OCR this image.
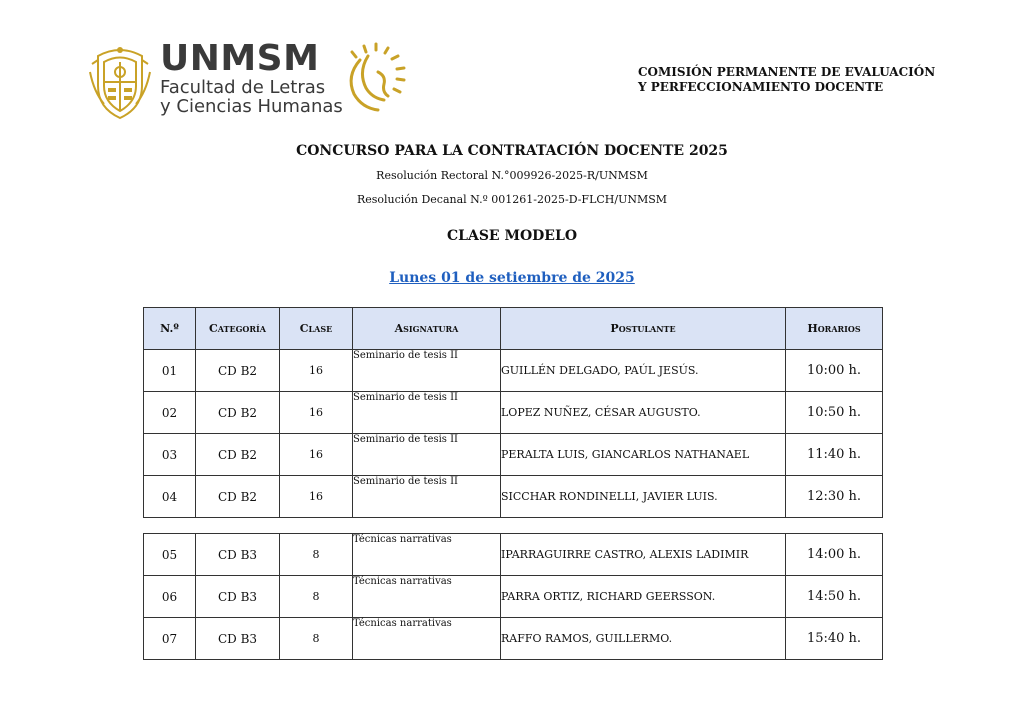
UNMSM
Facultad de Letras
y Ciencias Humanas
COMISIÓN PERMANENTE DE EVALUACIÓN
Y PERFECCIONAMIENTO DOCENTE
CONCURSO PARA LA CONTRATACIÓN DOCENTE 2025
Resolución Rectoral N.°009926-2025-R/UNMSM
Resolución Decanal N.º 001261-2025-D-FLCH/UNMSM
CLASE MODELO
Lunes 01 de setiembre de 2025
N.º	Categoría	Clase	Asignatura	Postulante	Horarios
01	CD B2	16	Seminario de tesis II	GUILLÉN DELGADO, PAÚL JESÚS.	10:00 h.
02	CD B2	16	Seminario de tesis II	LOPEZ NUÑEZ, CÉSAR AUGUSTO.	10:50 h.
03	CD B2	16	Seminario de tesis II	PERALTA LUIS, GIANCARLOS NATHANAEL	11:40 h.
04	CD B2	16	Seminario de tesis II	SICCHAR RONDINELLI, JAVIER LUIS.	12:30 h.
05	CD B3	8	Técnicas narrativas	IPARRAGUIRRE CASTRO, ALEXIS LADIMIR	14:00 h.
06	CD B3	8	Técnicas narrativas	PARRA ORTIZ, RICHARD GEERSSON.	14:50 h.
07	CD B3	8	Técnicas narrativas	RAFFO RAMOS, GUILLERMO.	15:40 h.
